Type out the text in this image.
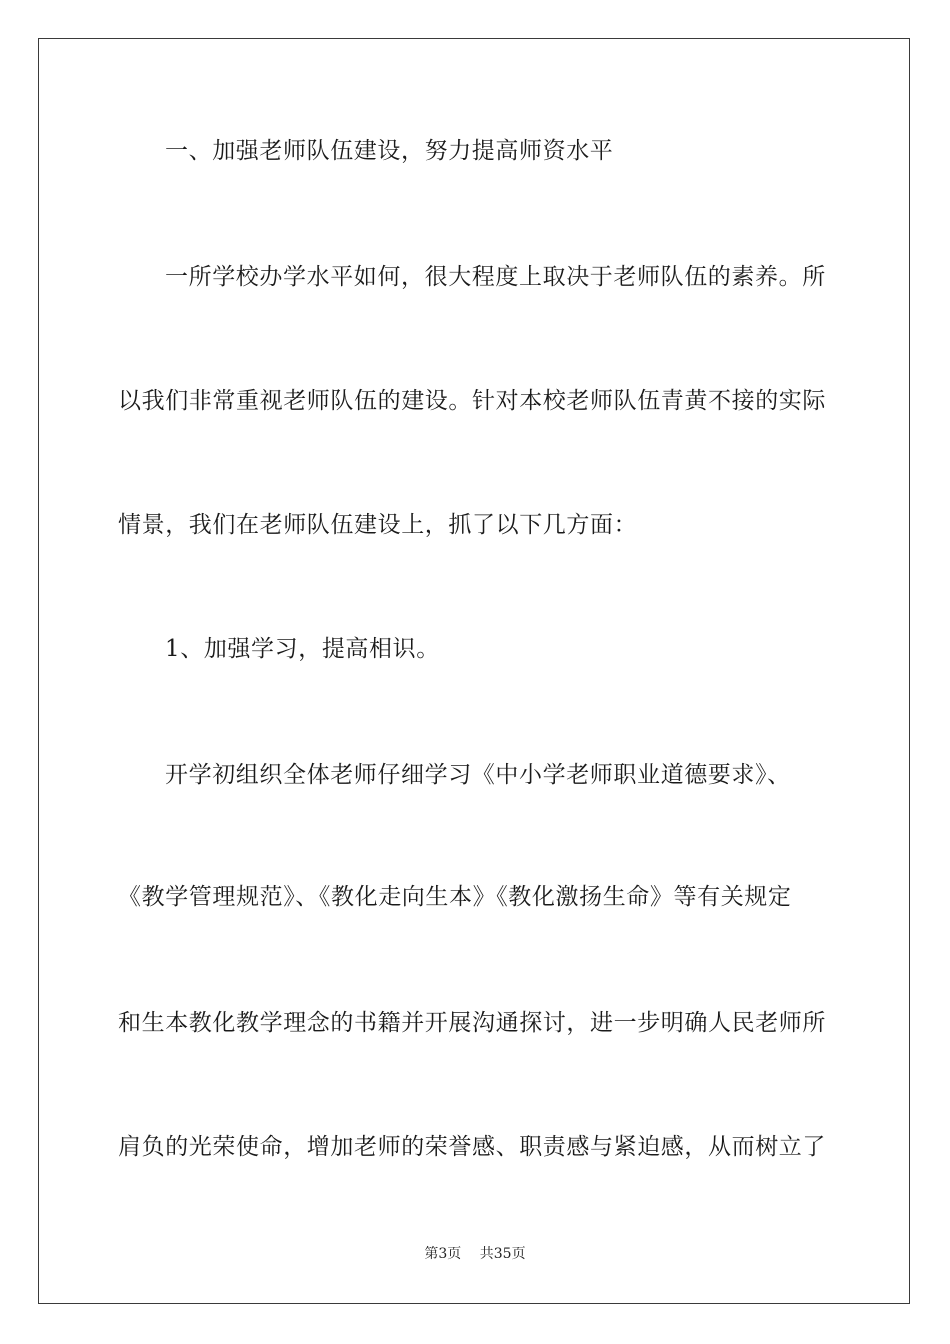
一、加强老师队伍建设，努力提高师资水平
一所学校办学水平如何，很大程度上取决于老师队伍的素养。所
以我们非常重视老师队伍的建设。针对本校老师队伍青黄不接的实际
情景，我们在老师队伍建设上，抓了以下几方面：
1、加强学习，提高相识。
开学初组织全体老师仔细学习《中小学老师职业道德要求》、
《教学管理规范》、《教化走向生本》《教化激扬生命》等有关规定
和生本教化教学理念的书籍并开展沟通探讨，进一步明确人民老师所
肩负的光荣使命，增加老师的荣誉感、职责感与紧迫感，从而树立了
第3页 共35页
